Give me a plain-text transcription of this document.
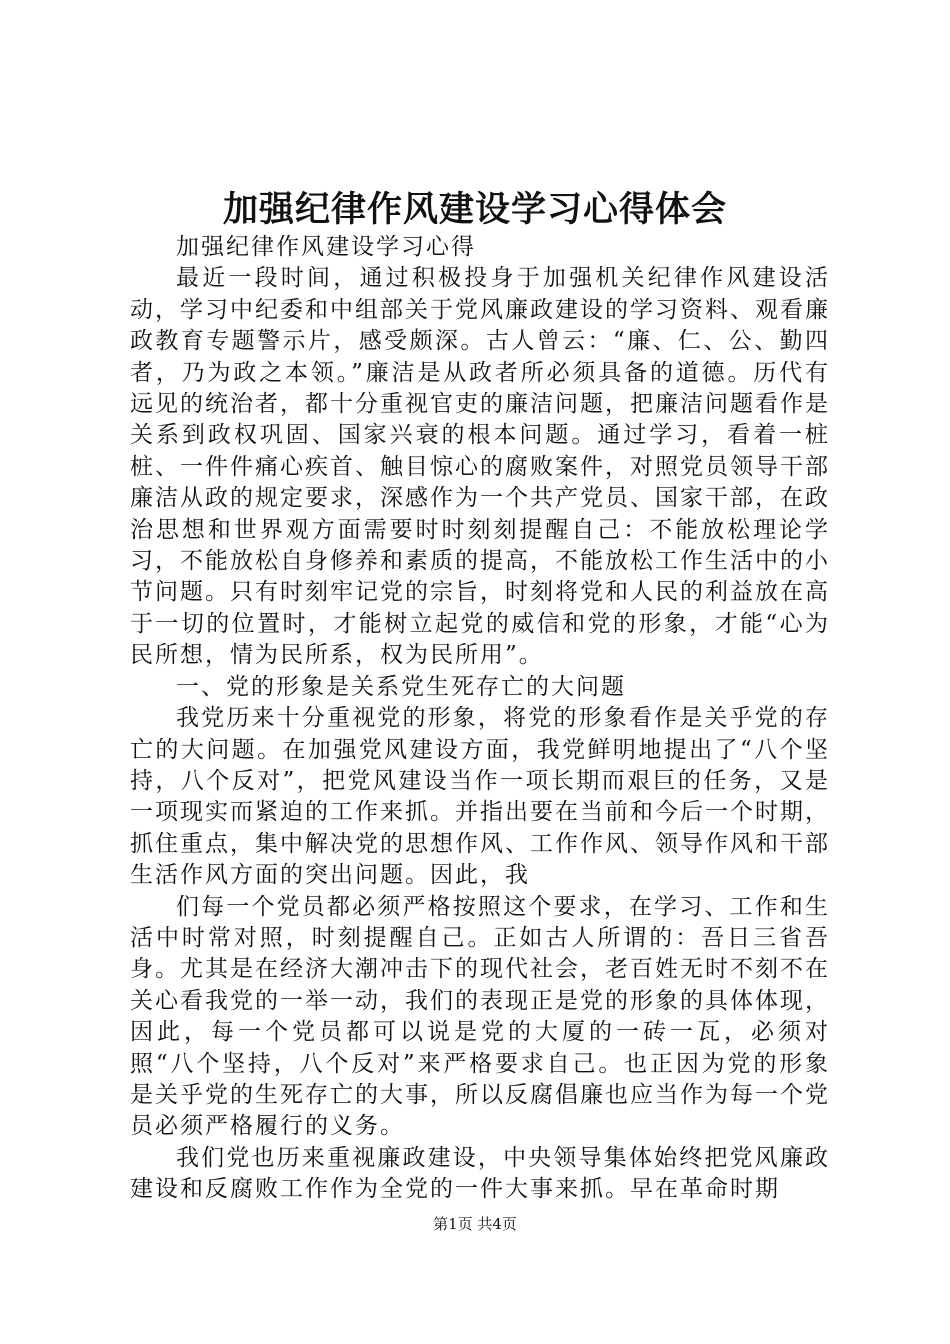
加强纪律作风建设学习心得体会

加强纪律作风建设学习心得

最近一段时间，通过积极投身于加强机关纪律作风建设活动，学习中纪委和中组部关于党风廉政建设的学习资料、观看廉政教育专题警示片，感受颇深。古人曾云：“廉、仁、公、勤四者，乃为政之本领。”廉洁是从政者所必须具备的道德。历代有远见的统治者，都十分重视官吏的廉洁问题，把廉洁问题看作是关系到政权巩固、国家兴衰的根本问题。通过学习，看着一桩桩、一件件痛心疾首、触目惊心的腐败案件，对照党员领导干部廉洁从政的规定要求，深感作为一个共产党员、国家干部，在政治思想和世界观方面需要时时刻刻提醒自己：不能放松理论学习，不能放松自身修养和素质的提高，不能放松工作生活中的小节问题。只有时刻牢记党的宗旨，时刻将党和人民的利益放在高于一切的位置时，才能树立起党的威信和党的形象，才能“心为民所想，情为民所系，权为民所用”。

一、党的形象是关系党生死存亡的大问题

我党历来十分重视党的形象，将党的形象看作是关乎党的存亡的大问题。在加强党风建设方面，我党鲜明地提出了“八个坚持，八个反对”，把党风建设当作一项长期而艰巨的任务，又是一项现实而紧迫的工作来抓。并指出要在当前和今后一个时期，抓住重点，集中解决党的思想作风、工作作风、领导作风和干部生活作风方面的突出问题。因此，我

们每一个党员都必须严格按照这个要求，在学习、工作和生活中时常对照，时刻提醒自己。正如古人所谓的：吾日三省吾身。尤其是在经济大潮冲击下的现代社会，老百姓无时不刻不在关心看我党的一举一动，我们的表现正是党的形象的具体体现，因此，每一个党员都可以说是党的大厦的一砖一瓦，必须对照“八个坚持，八个反对”来严格要求自己。也正因为党的形象是关乎党的生死存亡的大事，所以反腐倡廉也应当作为每一个党员必须严格履行的义务。

我们党也历来重视廉政建设，中央领导集体始终把党风廉政建设和反腐败工作作为全党的一件大事来抓。早在革命时期

第1页 共4页
